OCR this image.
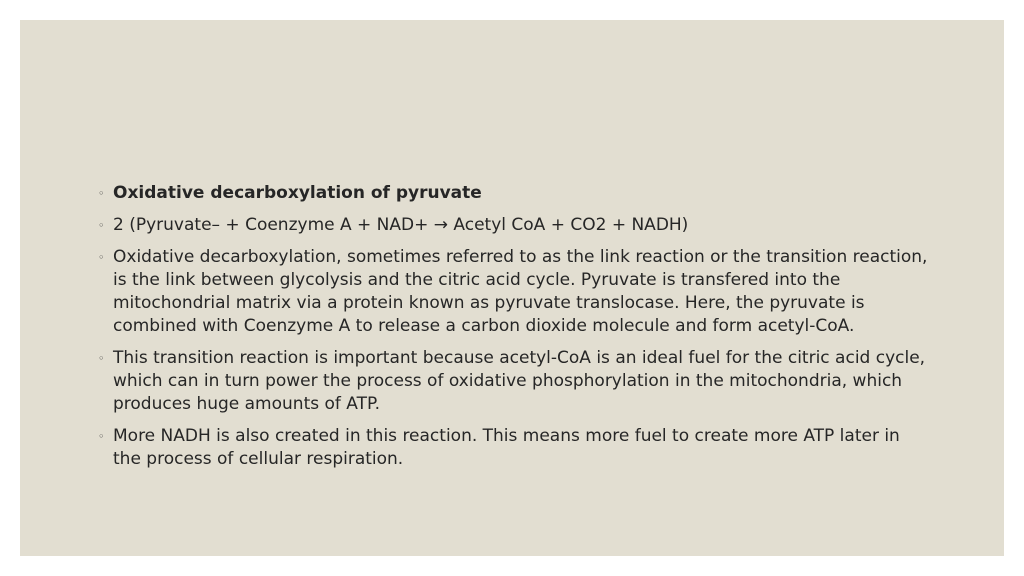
◦ Oxidative decarboxylation of pyruvate
◦ 2 (Pyruvate– + Coenzyme A + NAD+ → Acetyl CoA + CO2 + NADH)
◦ Oxidative decarboxylation, sometimes referred to as the link reaction or the transition reaction, is the link between glycolysis and the citric acid cycle. Pyruvate is transfered into the mitochondrial matrix via a protein known as pyruvate translocase. Here, the pyruvate is combined with Coenzyme A to release a carbon dioxide molecule and form acetyl-CoA.
◦ This transition reaction is important because acetyl-CoA is an ideal fuel for the citric acid cycle, which can in turn power the process of oxidative phosphorylation in the mitochondria, which produces huge amounts of ATP.
◦ More NADH is also created in this reaction. This means more fuel to create more ATP later in the process of cellular respiration.
